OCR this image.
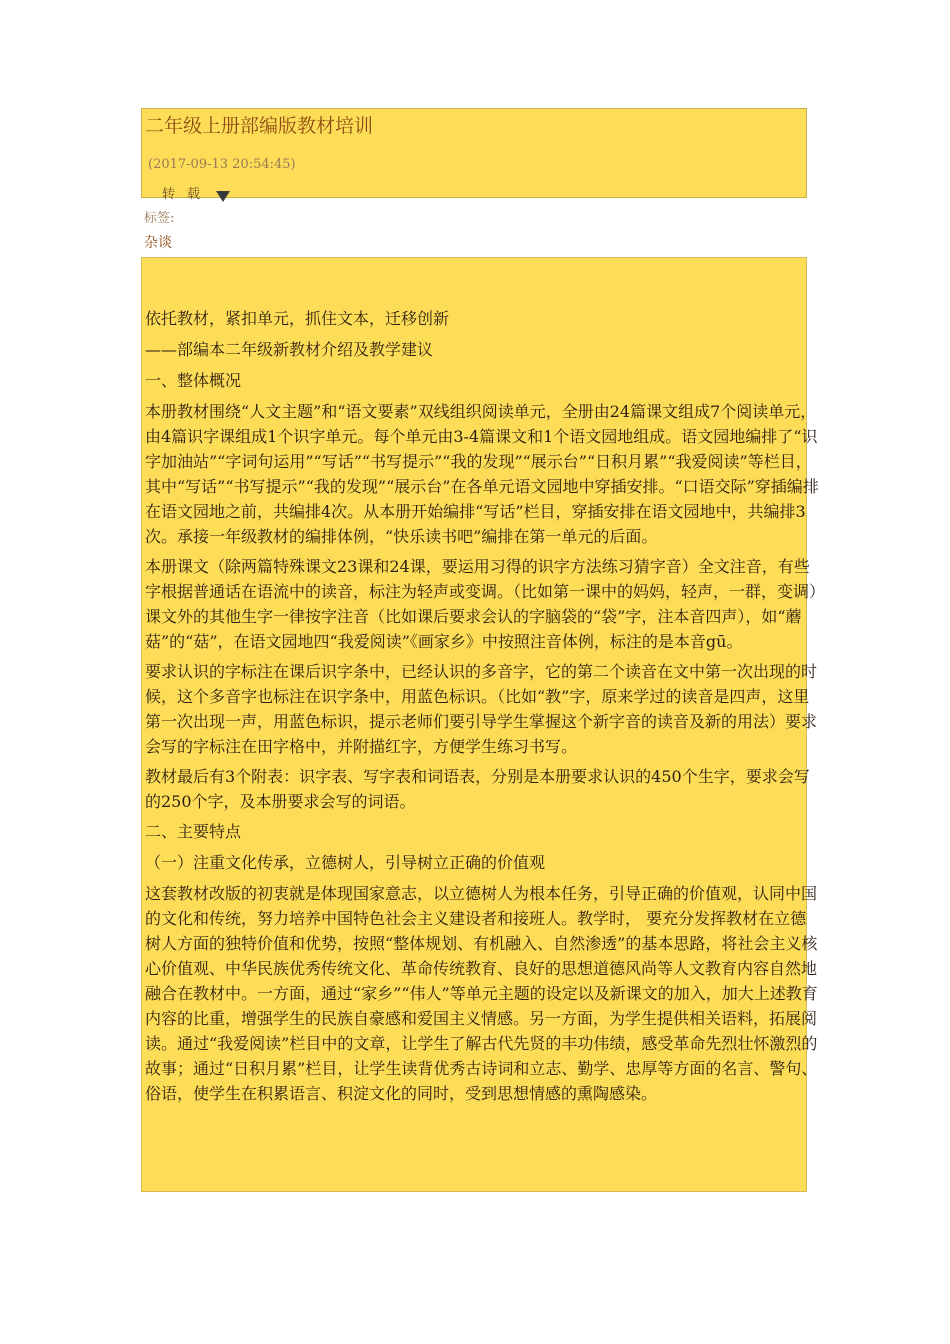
二年级上册部编版教材培训
(2017-09-13 20:54:45)
转载
标签:
杂谈

依托教材，紧扣单元，抓住文本，迁移创新

——部编本二年级新教材介绍及教学建议

一、整体概况

本册教材围绕“人文主题”和“语文要素”双线组织阅读单元，全册由24篇课文组成7个阅读单元，由4篇识字课组成1个识字单元。每个单元由3-4篇课文和1个语文园地组成。语文园地编排了“识字加油站”“字词句运用”“写话”“书写提示”“我的发现”“展示台”“日积月累”“我爱阅读”等栏目，其中“写话”“书写提示”“我的发现”“展示台”在各单元语文园地中穿插安排。“口语交际”穿插编排在语文园地之前，共编排4次。从本册开始编排“写话”栏目，穿插安排在语文园地中，共编排3次。承接一年级教材的编排体例，“快乐读书吧”编排在第一单元的后面。

本册课文（除两篇特殊课文23课和24课，要运用习得的识字方法练习猜字音）全文注音，有些字根据普通话在语流中的读音，标注为轻声或变调。（比如第一课中的妈妈，轻声，一群，变调）课文外的其他生字一律按字注音（比如课后要求会认的字脑袋的“袋”字，注本音四声），如“蘑菇”的“菇”，在语文园地四“我爱阅读”《画家乡》中按照注音体例，标注的是本音gū。

要求认识的字标注在课后识字条中，已经认识的多音字，它的第二个读音在文中第一次出现的时候，这个多音字也标注在识字条中，用蓝色标识。（比如“教”字，原来学过的读音是四声，这里第一次出现一声，用蓝色标识，提示老师们要引导学生掌握这个新字音的读音及新的用法）要求会写的字标注在田字格中，并附描红字，方便学生练习书写。

教材最后有3个附表：识字表、写字表和词语表，分别是本册要求认识的450个生字，要求会写的250个字，及本册要求会写的词语。

二、主要特点

（一）注重文化传承，立德树人，引导树立正确的价值观

这套教材改版的初衷就是体现国家意志，以立德树人为根本任务，引导正确的价值观，认同中国的文化和传统，努力培养中国特色社会主义建设者和接班人。教学时， 要充分发挥教材在立德树人方面的独特价值和优势，按照“整体规划、有机融入、自然渗透”的基本思路，将社会主义核心价值观、中华民族优秀传统文化、革命传统教育、良好的思想道德风尚等人文教育内容自然地融合在教材中。一方面，通过“家乡”“伟人”等单元主题的设定以及新课文的加入，加大上述教育内容的比重，增强学生的民族自豪感和爱国主义情感。另一方面，为学生提供相关语料，拓展阅读。通过“我爱阅读”栏目中的文章，让学生了解古代先贤的丰功伟绩，感受革命先烈壮怀激烈的故事；通过“日积月累”栏目，让学生读背优秀古诗词和立志、勤学、忠厚等方面的名言、警句、俗语，使学生在积累语言、积淀文化的同时，受到思想情感的熏陶感染。
